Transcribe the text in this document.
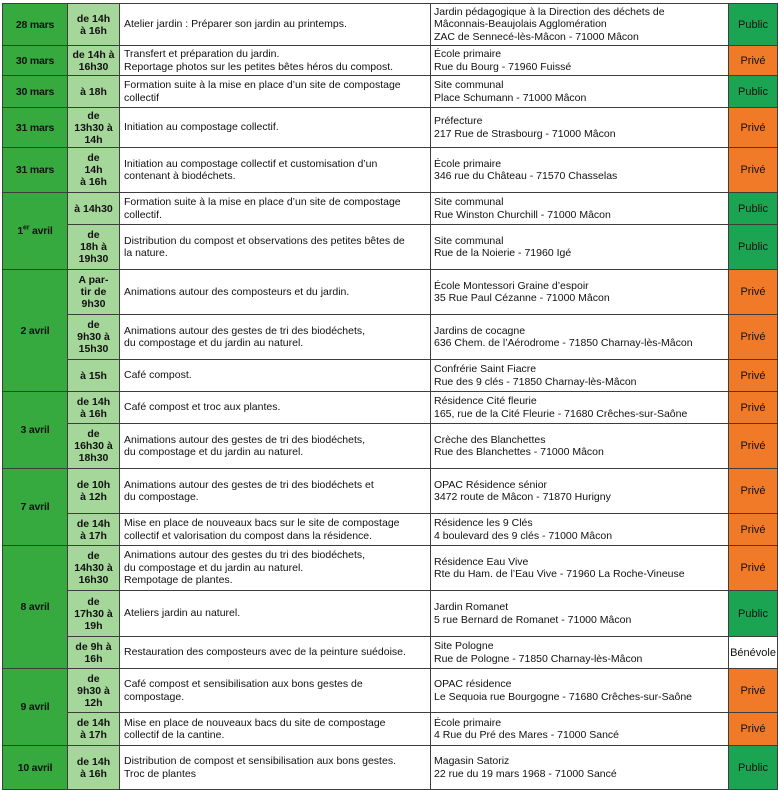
28 mars	de 14h
à 16h	Atelier jardin : Préparer son jardin au printemps.	Jardin pédagogique à la Direction des déchets de
Mâconnais-Beaujolais Agglomération
ZAC de Sennecé-lès-Mâcon - 71000 Mâcon	Public
30 mars	de 14h à
16h30	Transfert et préparation du jardin.
Reportage photos sur les petites bêtes héros du compost.	École primaire
Rue du Bourg - 71960 Fuissé	Privé
30 mars	à 18h	Formation suite à la mise en place d’un site de compostage
collectif	Site communal
Place Schumann - 71000 Mâcon	Public
31 mars	de
13h30 à
14h	Initiation au compostage collectif.	Préfecture
217 Rue de Strasbourg - 71000 Mâcon	Privé
31 mars	de
14h
à 16h	Initiation au compostage collectif et customisation d’un
contenant à biodéchets.	École primaire
346 rue du Château - 71570 Chasselas	Privé
1er avril	à 14h30	Formation suite à la mise en place d’un site de compostage
collectif.	Site communal
Rue Winston Churchill - 71000 Mâcon	Public

	de
18h à
19h30	Distribution du compost et observations des petites bêtes de
la nature.	Site communal
Rue de la Noierie - 71960 Igé	Public
2 avril	A par-
tir de
9h30	Animations autour des composteurs et du jardin.	École Montessori Graine d’espoir
35 Rue Paul Cézanne - 71000 Mâcon	Privé

	de
9h30 à
15h30	Animations autour des gestes de tri des biodéchets,
du compostage et du jardin au naturel.	Jardins de cocagne
636 Chem. de l’Aérodrome - 71850 Charnay-lès-Mâcon	Privé

	à 15h	Café compost.	Confrérie Saint Fiacre
Rue des 9 clés - 71850 Charnay-lès-Mâcon	Privé
3 avril	de 14h
à 16h	Café compost et troc aux plantes.	Résidence Cité fleurie
165, rue de la Cité Fleurie - 71680 Crêches-sur-Saône	Privé

	de
16h30 à
18h30	Animations autour des gestes de tri des biodéchets,
du compostage et du jardin au naturel.	Crèche des Blanchettes
Rue des Blanchettes - 71000 Mâcon	Privé
7 avril	de 10h
à 12h	Animations autour des gestes de tri des biodéchets et
du compostage.	OPAC Résidence sénior
3472 route de Mâcon - 71870 Hurigny	Privé

	de 14h
à 17h	Mise en place de nouveaux bacs sur le site de compostage
collectif et valorisation du compost dans la résidence.	Résidence les 9 Clés
4 boulevard des 9 clés - 71000 Mâcon	Privé
8 avril	de
14h30 à
16h30	Animations autour des gestes du tri des biodéchets,
du compostage et du jardin au naturel.
Rempotage de plantes.	Résidence Eau Vive
Rte du Ham. de l’Eau Vive - 71960 La Roche-Vineuse	Privé

	de
17h30 à
19h	Ateliers jardin au naturel.	Jardin Romanet
5 rue Bernard de Romanet - 71000 Mâcon	Public

	de 9h à
16h	Restauration des composteurs avec de la peinture suédoise.	Site Pologne
Rue de Pologne - 71850 Charnay-lès-Mâcon	Bénévole
9 avril	de
9h30 à
12h	Café compost et sensibilisation aux bons gestes de
compostage.	OPAC résidence
Le Sequoia rue Bourgogne - 71680 Crêches-sur-Saône	Privé

	de 14h
à 17h	Mise en place de nouveaux bacs du site de compostage
collectif de la cantine.	École primaire
4 Rue du Pré des Mares - 71000 Sancé	Privé
10 avril	de 14h
à 16h	Distribution de compost et sensibilisation aux bons gestes.
Troc de plantes	Magasin Satoriz
22 rue du 19 mars 1968 - 71000 Sancé	Public
